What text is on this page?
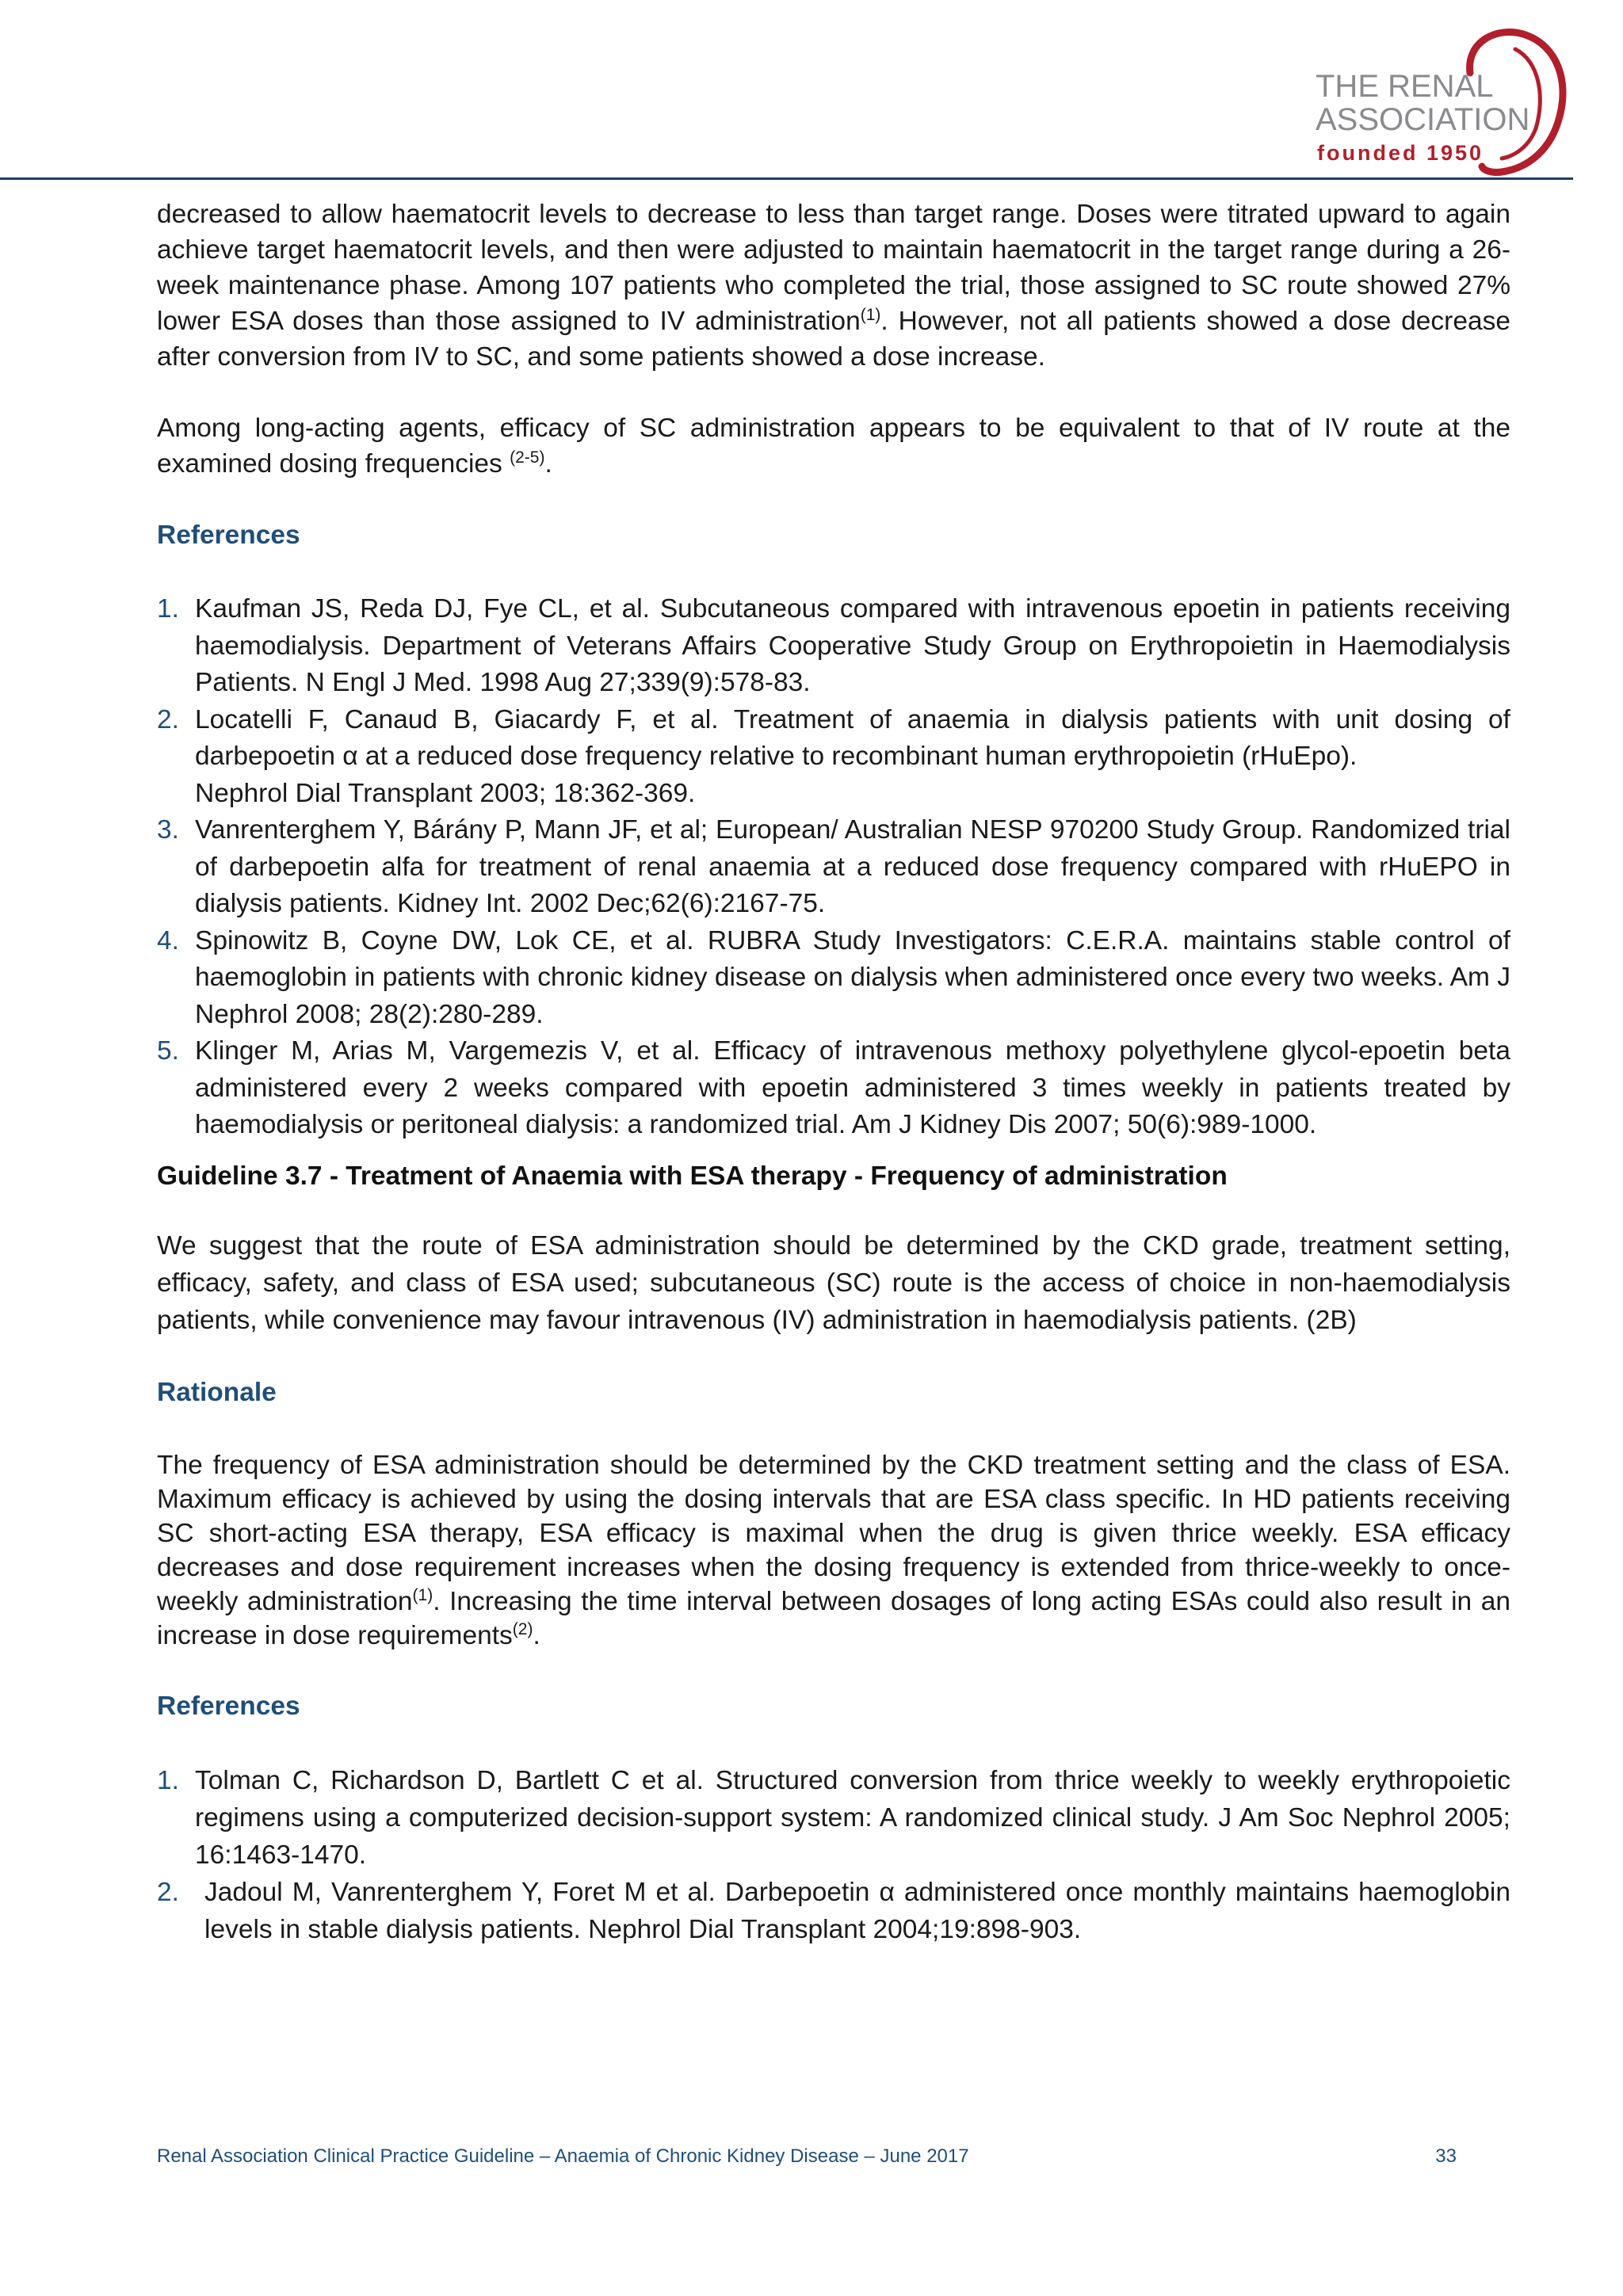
THE RENAL
ASSOCIATION
founded 1950

decreased to allow haematocrit levels to decrease to less than target range. Doses were titrated upward to again achieve target haematocrit levels, and then were adjusted to maintain haematocrit in the target range during a 26-week maintenance phase. Among 107 patients who completed the trial, those assigned to SC route showed 27% lower ESA doses than those assigned to IV administration$^{(1)}$. However, not all patients showed a dose decrease after conversion from IV to SC, and some patients showed a dose increase.

Among long-acting agents, efficacy of SC administration appears to be equivalent to that of IV route at the examined dosing frequencies $^{(2-5)}$.

References
1. Kaufman JS, Reda DJ, Fye CL, et al. Subcutaneous compared with intravenous epoetin in patients receiving haemodialysis. Department of Veterans Affairs Cooperative Study Group on Erythropoietin in Haemodialysis Patients. N Engl J Med. 1998 Aug 27;339(9):578-83.
2. Locatelli F, Canaud B, Giacardy F, et al. Treatment of anaemia in dialysis patients with unit dosing of darbepoetin α at a reduced dose frequency relative to recombinant human erythropoietin (rHuEpo).
Nephrol Dial Transplant 2003; 18:362-369.
3. Vanrenterghem Y, Bárány P, Mann JF, et al; European/ Australian NESP 970200 Study Group. Randomized trial of darbepoetin alfa for treatment of renal anaemia at a reduced dose frequency compared with rHuEPO in dialysis patients. Kidney Int. 2002 Dec;62(6):2167-75.
4. Spinowitz B, Coyne DW, Lok CE, et al. RUBRA Study Investigators: C.E.R.A. maintains stable control of haemoglobin in patients with chronic kidney disease on dialysis when administered once every two weeks. Am J Nephrol 2008; 28(2):280-289.
5. Klinger M, Arias M, Vargemezis V, et al. Efficacy of intravenous methoxy polyethylene glycol-epoetin beta administered every 2 weeks compared with epoetin administered 3 times weekly in patients treated by haemodialysis or peritoneal dialysis: a randomized trial. Am J Kidney Dis 2007; 50(6):989-1000.
Guideline 3.7 - Treatment of Anaemia with ESA therapy - Frequency of administration

We suggest that the route of ESA administration should be determined by the CKD grade, treatment setting, efficacy, safety, and class of ESA used; subcutaneous (SC) route is the access of choice in non-haemodialysis patients, while convenience may favour intravenous (IV) administration in haemodialysis patients. (2B)

Rationale

The frequency of ESA administration should be determined by the CKD treatment setting and the class of ESA. Maximum efficacy is achieved by using the dosing intervals that are ESA class specific. In HD patients receiving SC short-acting ESA therapy, ESA efficacy is maximal when the drug is given thrice weekly. ESA efficacy decreases and dose requirement increases when the dosing frequency is extended from thrice-weekly to once-weekly administration$^{(1)}$. Increasing the time interval between dosages of long acting ESAs could also result in an increase in dose requirements$^{(2)}$.

References
1. Tolman C, Richardson D, Bartlett C et al. Structured conversion from thrice weekly to weekly erythropoietic regimens using a computerized decision-support system: A randomized clinical study. J Am Soc Nephrol 2005; 16:1463-1470.
2. Jadoul M, Vanrenterghem Y, Foret M et al. Darbepoetin α administered once monthly maintains haemoglobin levels in stable dialysis patients. Nephrol Dial Transplant 2004;19:898-903.
Renal Association Clinical Practice Guideline – Anaemia of Chronic Kidney Disease – June 2017	33
